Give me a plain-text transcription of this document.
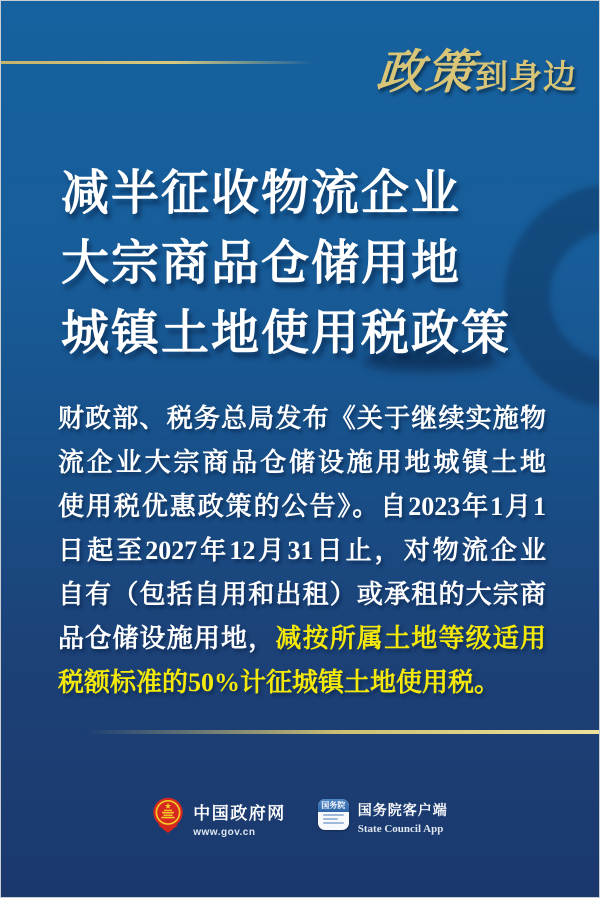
政策到身边
减半征收物流企业
大宗商品仓储用地
城镇土地使用税政策
财政部、税务总局发布《关于继续实施物
流企业大宗商品仓储设施用地城镇土地
使用税优惠政策的公告》。自2023年1月1
日起至2027年12月31日止，对物流企业
自有（包括自用和出租）或承租的大宗商
品仓储设施用地，减按所属土地等级适用
税额标准的50%计征城镇土地使用税。
中国政府网
www.gov.cn
国务院 国务院客户端
State Council App
